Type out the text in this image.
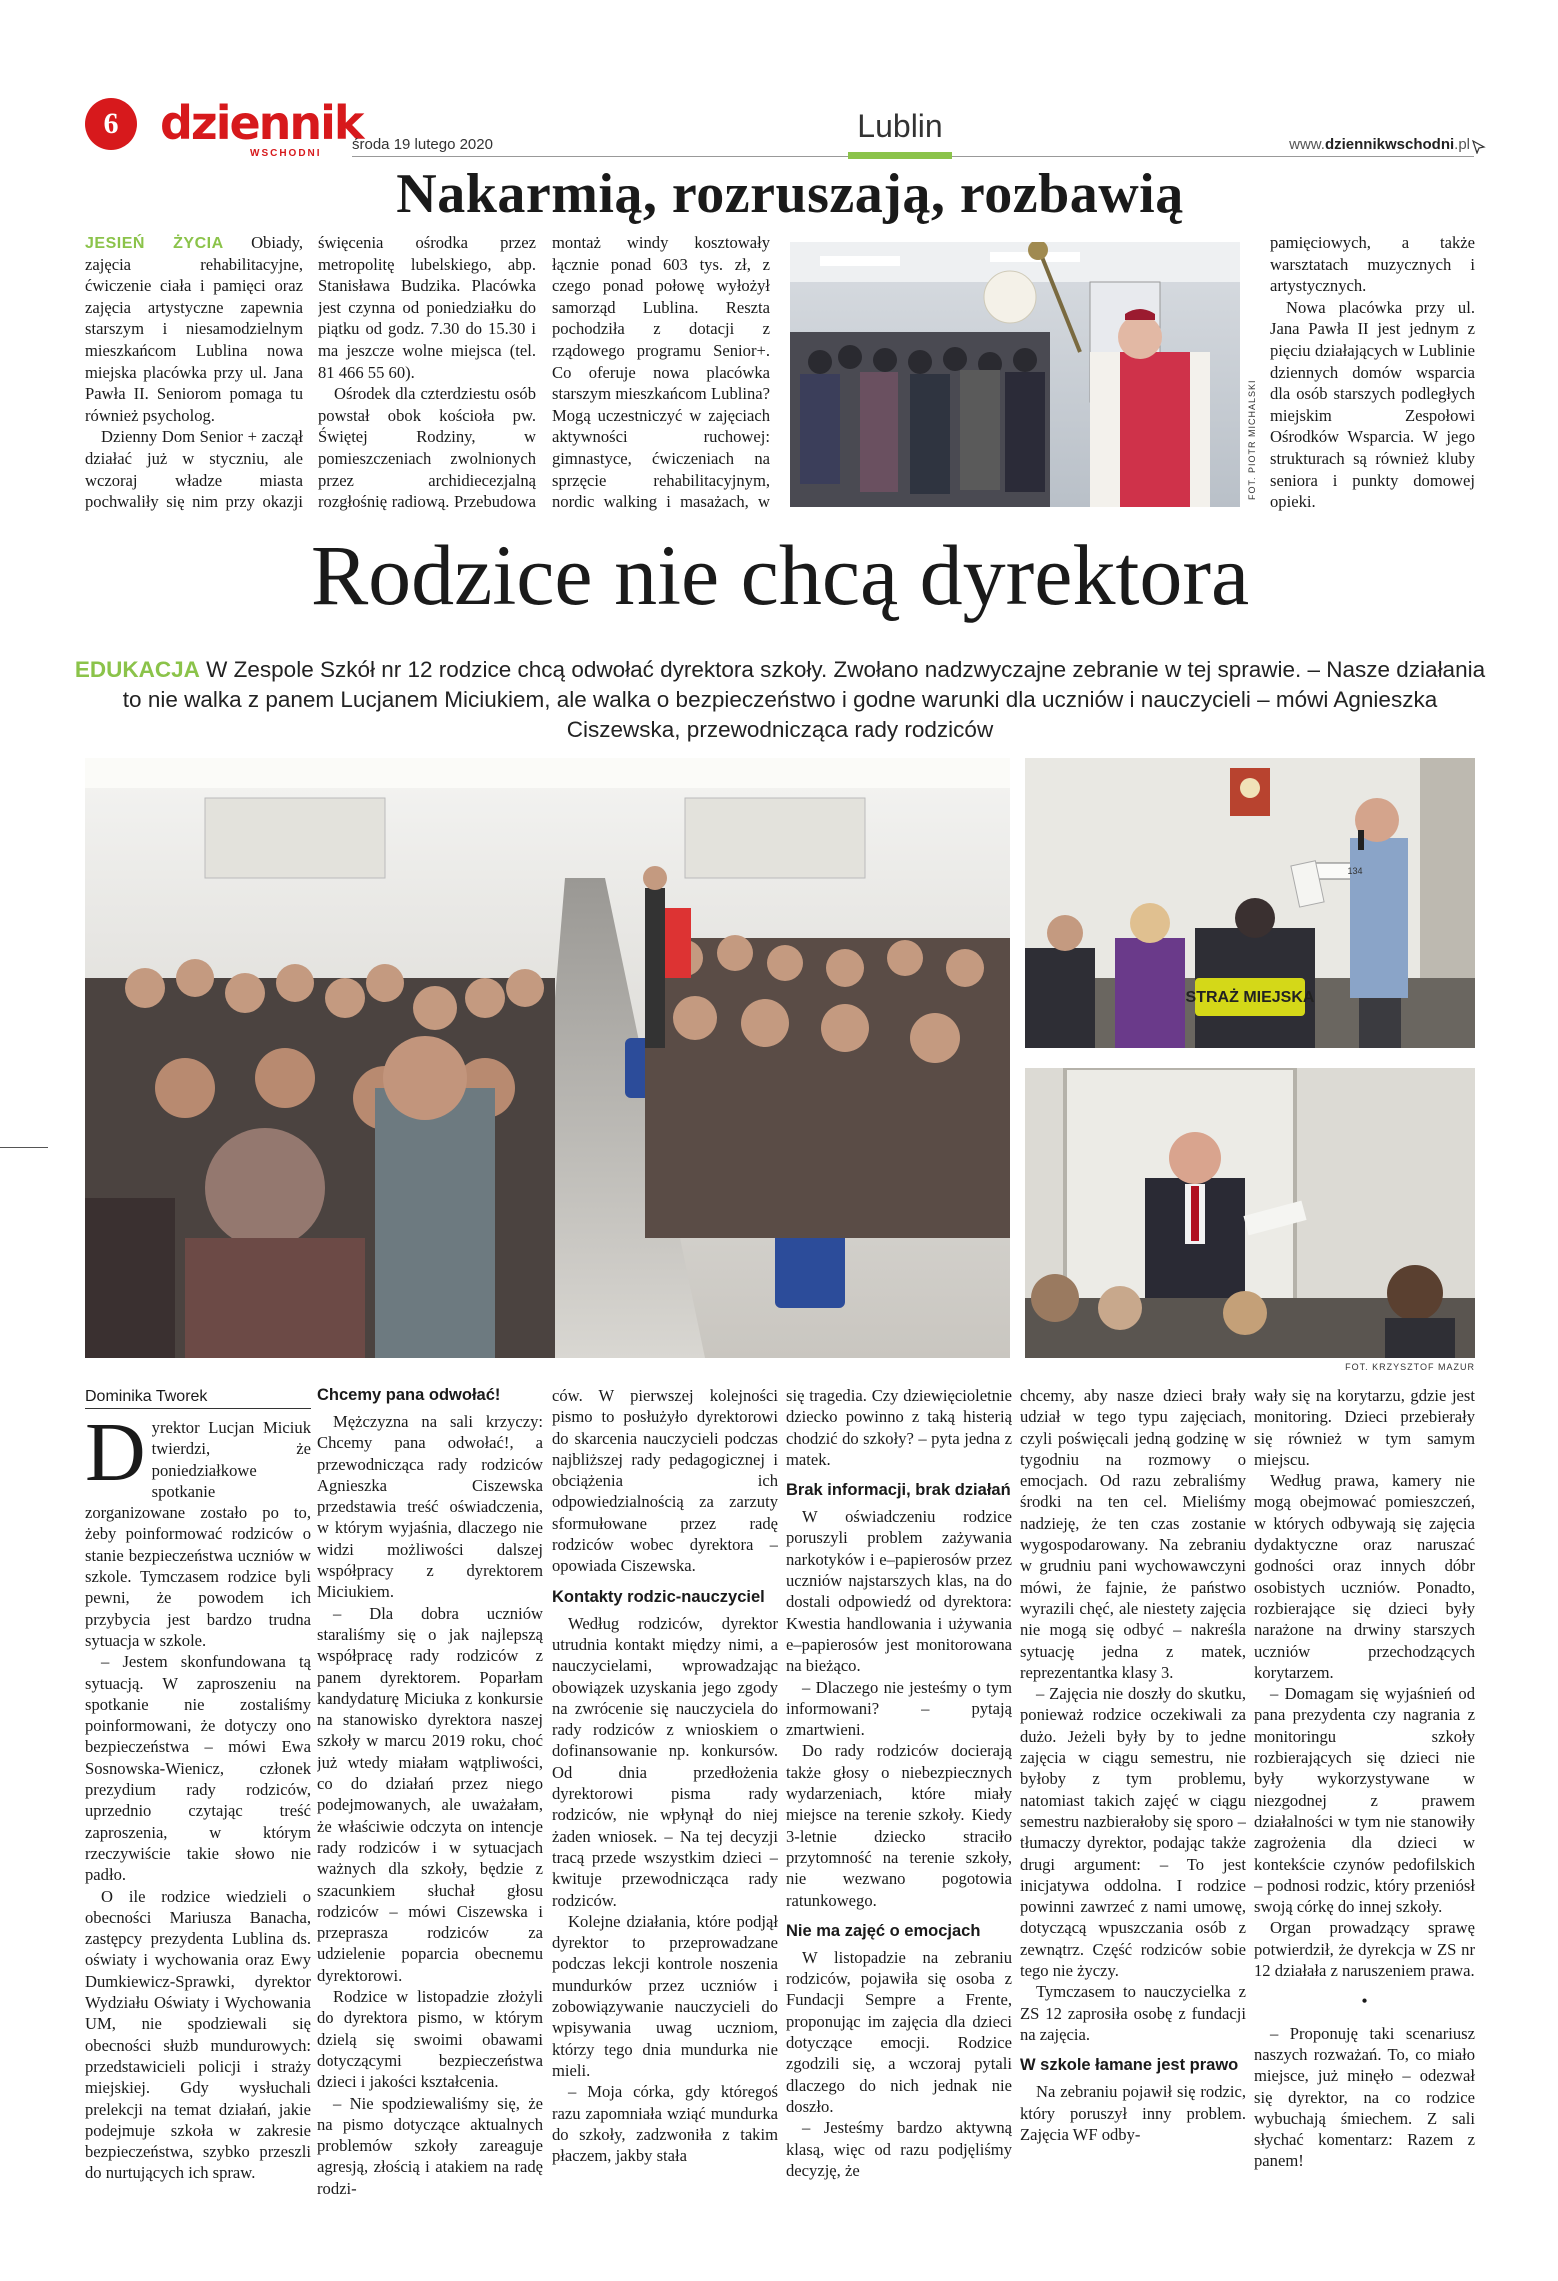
6 dziennik
WSCHODNI
środa 19 lutego 2020
Lublin
www.dziennikwschodni.pl
Nakarmią, rozruszają, rozbawią

JESIEŃ ŻYCIA Obiady, zajęcia rehabilitacyjne, ćwiczenie ciała i pamięci oraz zajęcia artystyczne zapewnia starszym i niesamodzielnym mieszkańcom Lublina nowa miejska placówka przy ul. Jana Pawła II. Seniorom pomaga tu również psycholog.

Dzienny Dom Senior + zaczął działać już w styczniu, ale wczoraj władze miasta pochwaliły się nim przy okazji

święcenia ośrodka przez metropolitę lubelskiego, abp. Stanisława Budzika. Placówka jest czynna od poniedziałku do piątku od godz. 7.30 do 15.30 i ma jeszcze wolne miejsca (tel. 81 466 55 60).

Ośrodek dla czterdziestu osób powstał obok kościoła pw. Świętej Rodziny, w pomieszczeniach zwolnionych przez archidiecezjalną rozgłośnię radiową. Przebudowa

montaż windy kosztowały łącznie ponad 603 tys. zł, z czego ponad połowę wyłożył samorząd Lublina. Reszta pochodziła z dotacji z rządowego programu Senior+. Co oferuje nowa placówka starszym mieszkańcom Lublina? Mogą uczestniczyć w zajęciach aktywności ruchowej: gimnastyce, ćwiczeniach na sprzęcie rehabilitacyjnym, nordic walking i masażach, w

FOT. PIOTR MICHALSKI

pamięciowych, a także warsztatach muzycznych i artystycznych.

Nowa placówka przy ul. Jana Pawła II jest jednym z pięciu działających w Lublinie dziennych domów wsparcia dla osób starszych podległych miejskim Zespołowi Ośrodków Wsparcia. W jego strukturach są również kluby seniora i punkty domowej opieki.

Rodzice nie chcą dyrektora
EDUKACJA W Zespole Szkół nr 12 rodzice chcą odwołać dyrektora szkoły. Zwołano nadzwyczajne zebranie w tej sprawie. – Nasze działania to nie walka z panem Lucjanem Miciukiem, ale walka o bezpieczeństwo i godne warunki dla uczniów i nauczycieli – mówi Agnieszka Ciszewska, przewodnicząca rady rodziców
STRAŻ MIEJSKA
134
FOT. KRZYSZTOF MAZUR
Dominika Tworek

Dyrektor Lucjan Miciuk twierdzi, że poniedziałkowe spotkanie zorganizowane zostało po to, żeby poinformować rodziców o stanie bezpieczeństwa uczniów w szkole. Tymczasem rodzice byli pewni, że powodem ich przybycia jest bardzo trudna sytuacja w szkole.

– Jestem skonfundowana tą sytuacją. W zaproszeniu na spotkanie nie zostaliśmy poinformowani, że dotyczy ono bezpieczeństwa – mówi Ewa Sosnowska-Wienicz, członek prezydium rady rodziców, uprzednio czytając treść zaproszenia, w którym rzeczywiście takie słowo nie padło.

O ile rodzice wiedzieli o obecności Mariusza Banacha, zastępcy prezydenta Lublina ds. oświaty i wychowania oraz Ewy Dumkiewicz-Sprawki, dyrektor Wydziału Oświaty i Wychowania UM, nie spodziewali się obecności służb mundurowych: przedstawicieli policji i straży miejskiej. Gdy wysłuchali prelekcji na temat działań, jakie podejmuje szkoła w zakresie bezpieczeństwa, szybko przeszli do nurtujących ich spraw.

Chcemy pana odwołać!

Mężczyzna na sali krzyczy: Chcemy pana odwołać!, a przewodnicząca rady rodziców Agnieszka Ciszewska przedstawia treść oświadczenia, w którym wyjaśnia, dlaczego nie widzi możliwości dalszej współpracy z dyrektorem Miciukiem.

– Dla dobra uczniów staraliśmy się o jak najlepszą współpracę rady rodziców z panem dyrektorem. Poparłam kandydaturę Miciuka z konkursie na stanowisko dyrektora naszej szkoły w marcu 2019 roku, choć już wtedy miałam wątpliwości, co do działań przez niego podejmowanych, ale uważałam, że właściwie odczyta on intencje rady rodziców i w sytuacjach ważnych dla szkoły, będzie z szacunkiem słuchał głosu rodziców – mówi Ciszewska i przepraszа rodziców za udzielenie poparcia obecnemu dyrektorowi.

Rodzice w listopadzie złożyli do dyrektora pismo, w którym dzielą się swoimi obawami dotyczącymi bezpieczeństwa dzieci i jakości kształcenia.

– Nie spodziewaliśmy się, że na pismo dotyczące aktualnych problemów szkoły zareaguje agresją, złością i atakiem na radę rodzi-

ców. W pierwszej kolejności pismo to posłużyło dyrektorowi do skarcenia nauczycieli podczas najbliższej rady pedagogicznej i obciążenia ich odpowiedzialnością za zarzuty sformułowane przez radę rodziców wobec dyrektora – opowiada Ciszewska.

Kontakty rodzic-nauczyciel

Według rodziców, dyrektor utrudnia kontakt między nimi, a nauczycielami, wprowadzając obowiązek uzyskania jego zgody na zwrócenie się nauczyciela do rady rodziców z wnioskiem o dofinansowanie np. konkursów. Od dnia przedłożenia dyrektorowi pisma rady rodziców, nie wpłynął do niej żaden wniosek. – Na tej decyzji tracą przede wszystkim dzieci – kwituje przewodnicząca rady rodziców.

Kolejne działania, które podjął dyrektor to przeprowadzane podczas lekcji kontrole noszenia mundurków przez uczniów i zobowiązywanie nauczycieli do wpisywania uwag uczniom, którzy tego dnia mundurka nie mieli.

– Moja córka, gdy któregoś razu zapomniała wziąć mundurka do szkoły, zadzwoniła z takim płaczem, jakby stała

się tragedia. Czy dziewięcioletnie dziecko powinno z taką histerią chodzić do szkoły? – pyta jedna z matek.

Brak informacji, brak działań

W oświadczeniu rodzice poruszyli problem zażywania narkotyków i e–papierosów przez uczniów najstarszych klas, na do dostali odpowiedź od dyrektora: Kwestia handlowania i używania e–papierosów jest monitorowana na bieżąco.

– Dlaczego nie jesteśmy o tym informowani? – pytają zmartwieni.

Do rady rodziców docierają także głosy o niebezpiecznych wydarzeniach, które miały miejsce na terenie szkoły. Kiedy 3-letnie dziecko straciło przytomność na terenie szkoły, nie wezwano pogotowia ratunkowego.

Nie ma zajęć o emocjach

W listopadzie na zebraniu rodziców, pojawiła się osoba z Fundacji Sempre a Frente, proponując im zajęcia dla dzieci dotyczące emocji. Rodzice zgodzili się, a wczoraj pytali dlaczego do nich jednak nie doszło.

– Jesteśmy bardzo aktywną klasą, więc od razu podjęliśmy decyzję, że

chcemy, aby nasze dzieci brały udział w tego typu zajęciach, czyli poświęcali jedną godzinę w tygodniu na rozmowy o emocjach. Od razu zebraliśmy środki na ten cel. Mieliśmy nadzieję, że ten czas zostanie wygospodarowany. Na zebraniu w grudniu pani wychowawczyni mówi, że fajnie, że państwo wyrazili chęć, ale niestety zajęcia nie mogą się odbyć – nakreśla sytuację jedna z matek, reprezentantka klasy 3.

– Zajęcia nie doszły do skutku, ponieważ rodzice oczekiwali za dużo. Jeżeli były by to jedne zajęcia w ciągu semestru, nie byłoby z tym problemu, natomiast takich zajęć w ciągu semestru nazbierałoby się sporo – tłumaczy dyrektor, podając także drugi argument: – To jest inicjatywa oddolna. I rodzice powinni zawrzeć z nami umowę, dotyczącą wpuszczania osób z zewnątrz. Część rodziców sobie tego nie życzy.

Tymczasem to nauczycielka z ZS 12 zaprosiła osobę z fundacji na zajęcia.

W szkole łamane jest prawo

Na zebraniu pojawił się rodzic, który poruszył inny problem. Zajęcia WF odby-

wały się na korytarzu, gdzie jest monitoring. Dzieci przebierały się również w tym samym miejscu.

Według prawa, kamery nie mogą obejmować pomieszczeń, w których odbywają się zajęcia dydaktyczne oraz naruszać godności oraz innych dóbr osobistych uczniów. Ponadto, rozbierające się dzieci były narażone na drwiny starszych uczniów przechodzących korytarzem.

– Domagam się wyjaśnień od pana prezydenta czy nagrania z monitoringu szkoły rozbierających się dzieci nie były wykorzystywane w niezgodnej z prawem działalności w tym nie stanowiły zagrożenia dla dzieci w kontekście czynów pedofilskich – podnosi rodzic, który przeniósł swoją córkę do innej szkoły.

Organ prowadzący sprawę potwierdził, że dyrekcja w ZS nr 12 działała z naruszeniem prawa.

•

– Proponuję taki scenariusz naszych rozważań. To, co miało miejsce, już minęło – odezwał się dyrektor, na co rodzice wybuchają śmiechem. Z sali słychać komentarz: Razem z panem!
